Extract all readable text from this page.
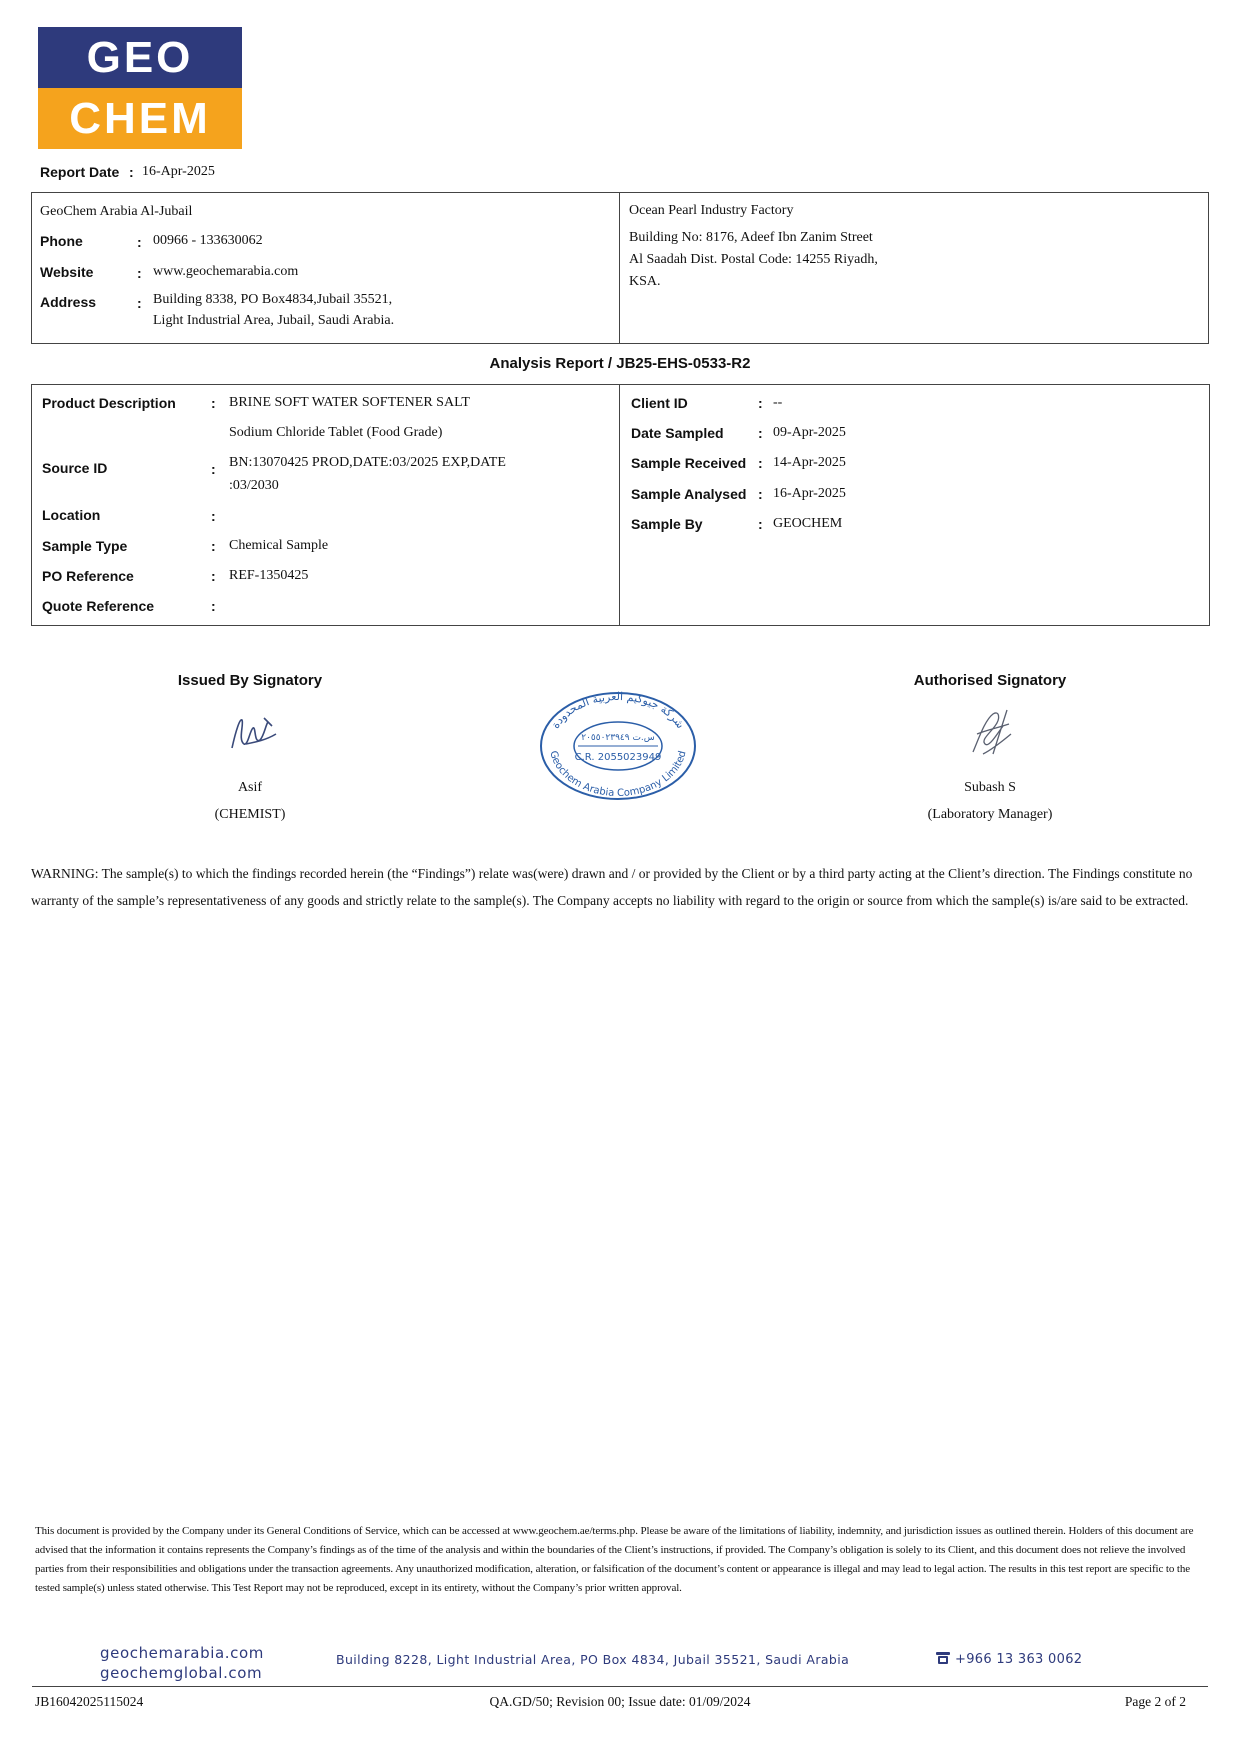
GEO
CHEM
Report Date : 16-Apr-2025
GeoChem Arabia Al-Jubail
Phone	: 00966 - 133630062
Website	: www.geochemarabia.com
Address	: Building 8338, PO Box4834,Jubail 35521,
Light Industrial Area, Jubail, Saudi Arabia.
Ocean Pearl Industry Factory
Building No: 8176, Adeef Ibn Zanim Street
Al Saadah Dist. Postal Code: 14255 Riyadh,
KSA.
Analysis Report / JB25-EHS-0533-R2
Product Description	: BRINE SOFT WATER SOFTENER SALT
Sodium Chloride Tablet (Food Grade)
Source ID	: BN:13070425 PROD,DATE:03/2025 EXP,DATE
:03/2030
Location	:
Sample Type	: Chemical Sample
PO Reference	: REF-1350425
Quote Reference	:
Client ID	: --
Date Sampled : 09-Apr-2025
Sample Received : 14-Apr-2025
Sample Analysed : 16-Apr-2025
Sample By	: GEOCHEM
Issued By Signatory
Asif
(CHEMIST)
Authorised Signatory
Subash S
(Laboratory Manager)
شركة جيوكيم العربية المحدودة
س.ت ٢٠٥٥٠٢٣٩٤٩
C.R. 2055023949
Geochem Arabia Company Limited
WARNING: The sample(s) to which the findings recorded herein (the “Findings”) relate was(were) drawn and / or provided by the Client or by a third party acting at the Client’s direction. The Findings constitute no warranty of the sample’s representativeness of any goods and strictly relate to the sample(s). The Company accepts no liability with regard to the origin or source from which the sample(s) is/are said to be extracted.
This document is provided by the Company under its General Conditions of Service, which can be accessed at www.geochem.ae/terms.php. Please be aware of the limitations of liability, indemnity, and jurisdiction issues as outlined therein. Holders of this document are advised that the information it contains represents the Company’s findings as of the time of the analysis and within the boundaries of the Client’s instructions, if provided. The Company’s obligation is solely to its Client, and this document does not relieve the involved parties from their responsibilities and obligations under the transaction agreements. Any unauthorized modification, alteration, or falsification of the document’s content or appearance is illegal and may lead to legal action. The results in this test report are specific to the tested sample(s) unless stated otherwise. This Test Report may not be reproduced, except in its entirety, without the Company’s prior written approval.
geochemarabia.com
geochemglobal.com
Building 8228, Light Industrial Area, PO Box 4834, Jubail 35521, Saudi Arabia	+966 13 363 0062
JB16042025115024	QA.GD/50; Revision 00; Issue date: 01/09/2024	Page 2 of 2
